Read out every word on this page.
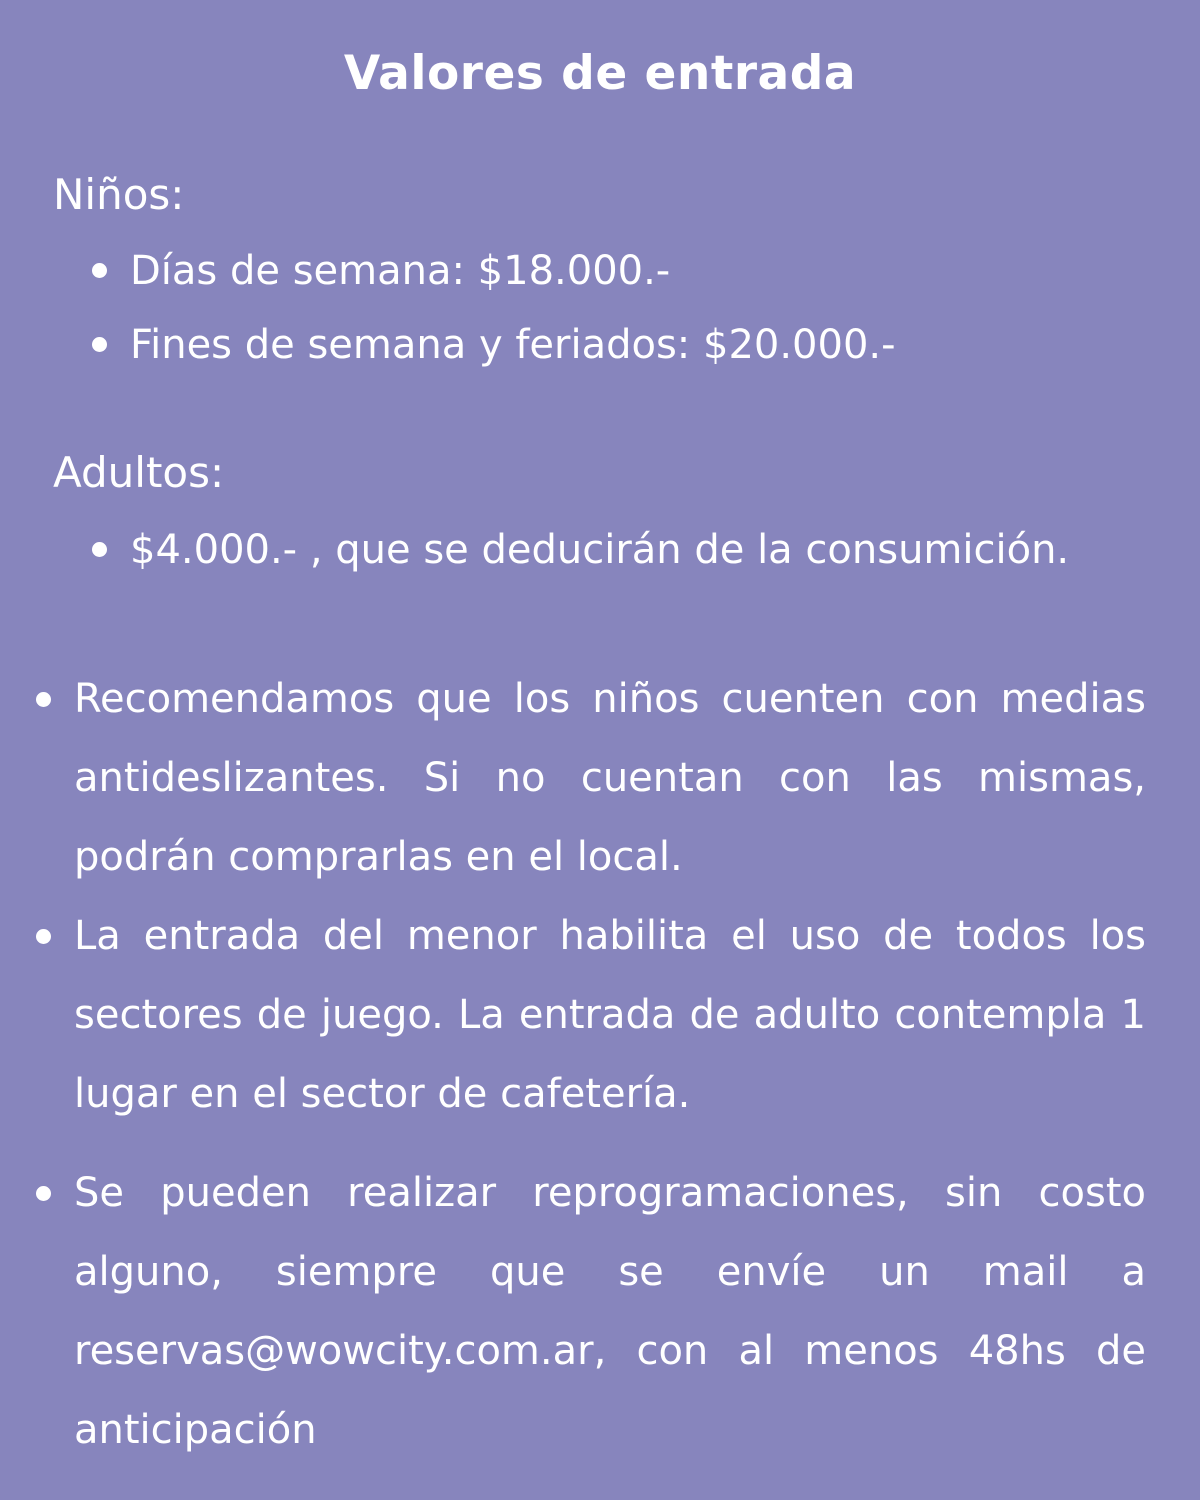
Valores de entrada
Niños:
Días de semana: $18.000.-
Fines de semana y feriados: $20.000.-
Adultos:
$4.000.- , que se deducirán de la consumición.
Recomendamos que los niños cuenten con medias antideslizantes. Si no cuentan con las mismas, podrán comprarlas en el local.
La entrada del menor habilita el uso de todos los sectores de juego. La entrada de adulto contempla 1 lugar en el sector de cafetería.
Se pueden realizar reprogramaciones, sin costo alguno, siempre que se envíe un mail a reservas@wowcity.com.ar, con al menos 48hs de anticipación
